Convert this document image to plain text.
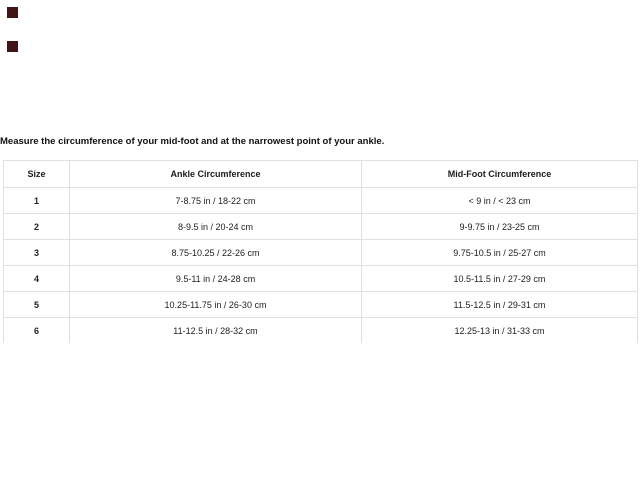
Measure the circumference of your mid-foot and at the narrowest point of your ankle.
Size	Ankle Circumference	Mid-Foot Circumference
1	7-8.75 in / 18-22 cm	< 9 in / < 23 cm
2	8-9.5 in / 20-24 cm	9-9.75 in / 23-25 cm
3	8.75-10.25 / 22-26 cm	9.75-10.5 in / 25-27 cm
4	9.5-11 in / 24-28 cm	10.5-11.5 in / 27-29 cm
5	10.25-11.75 in / 26-30 cm	11.5-12.5 in / 29-31 cm
6	11-12.5 in / 28-32 cm	12.25-13 in / 31-33 cm
